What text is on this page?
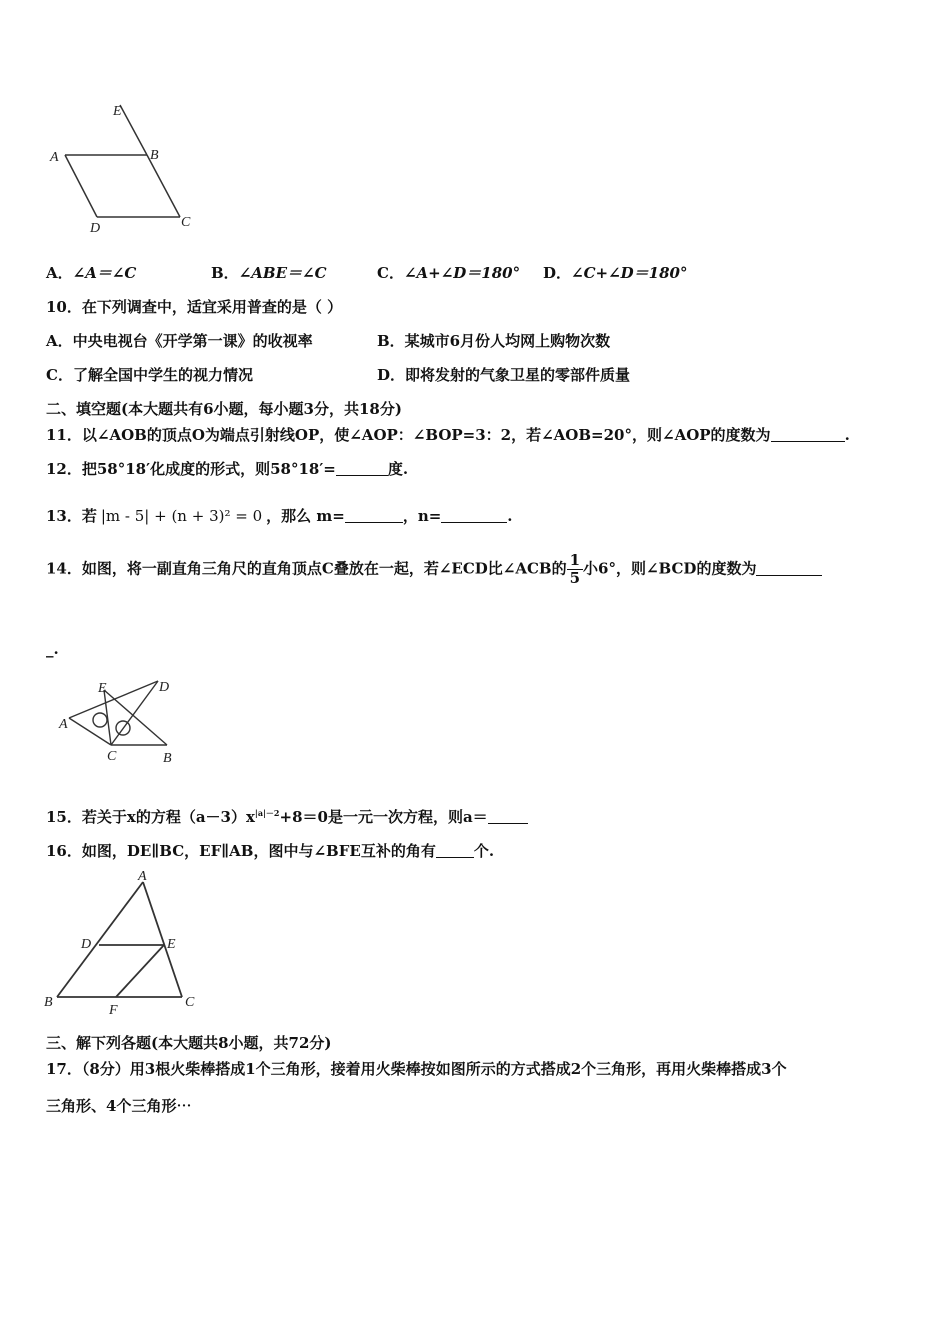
E
A	B
D	C
A．∠A＝∠C	B．∠ABE＝∠C	C．∠A+∠D＝180° D．∠C+∠D＝180°
10．在下列调查中，适宜采用普查的是（ ）
A．中央电视台《开学第一课》的收视率	B．某城市6月份人均网上购物次数
C．了解全国中学生的视力情况	D．即将发射的气象卫星的零部件质量
二、填空题(本大题共有6小题，每小题3分，共18分)
11．以∠AOB的顶点O为端点引射线OP，使∠AOP：∠BOP=3：2，若∠AOB=20°，则∠AOP的度数为	.
12．把58°18′化成度的形式，则58°18′=	度.
13．若 |m - 5| + (n + 3)² = 0 ，那么 m=	，n=	.
14．如图，将一副直角三角尺的直角顶点C叠放在一起，若∠ECD比∠ACB的 $\frac{1}{5}$ 小6°，则∠BCD的度数为
_.
E	D
A
C	B
15．若关于x的方程$(a-3)x^{|a|-2}+8=0$是一元一次方程，则a＝
16．如图，DE∥BC，EF∥AB，图中与∠BFE互补的角有	个.
A
D	E
B
F
C
三、解下列各题(本大题共8小题，共72分)
17．（8分）用3根火柴棒搭成1个三角形，接着用火柴棒按如图所示的方式搭成2个三角形，再用火柴棒搭成3个
三角形、4个三角形⋯
